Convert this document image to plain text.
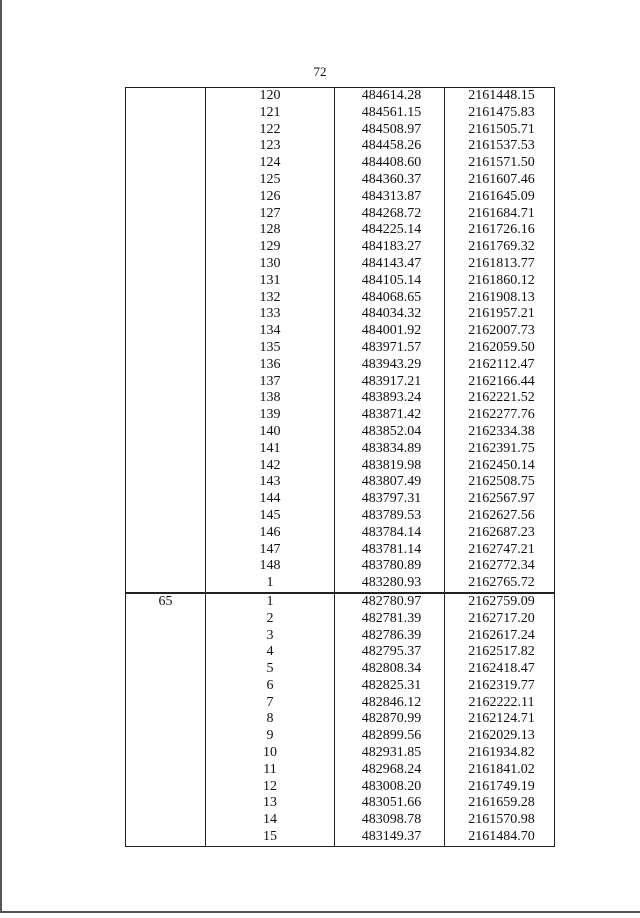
72
	120	484614.28	2161448.15
	121	484561.15	2161475.83
	122	484508.97	2161505.71
	123	484458.26	2161537.53
	124	484408.60	2161571.50
	125	484360.37	2161607.46
	126	484313.87	2161645.09
	127	484268.72	2161684.71
	128	484225.14	2161726.16
	129	484183.27	2161769.32
	130	484143.47	2161813.77
	131	484105.14	2161860.12
	132	484068.65	2161908.13
	133	484034.32	2161957.21
	134	484001.92	2162007.73
	135	483971.57	2162059.50
	136	483943.29	2162112.47
	137	483917.21	2162166.44
	138	483893.24	2162221.52
	139	483871.42	2162277.76
	140	483852.04	2162334.38
	141	483834.89	2162391.75
	142	483819.98	2162450.14
	143	483807.49	2162508.75
	144	483797.31	2162567.97
	145	483789.53	2162627.56
	146	483784.14	2162687.23
	147	483781.14	2162747.21
	148	483780.89	2162772.34
	1	483280.93	2162765.72
65	1	482780.97	2162759.09
	2	482781.39	2162717.20
	3	482786.39	2162617.24
	4	482795.37	2162517.82
	5	482808.34	2162418.47
	6	482825.31	2162319.77
	7	482846.12	2162222.11
	8	482870.99	2162124.71
	9	482899.56	2162029.13
	10	482931.85	2161934.82
	11	482968.24	2161841.02
	12	483008.20	2161749.19
	13	483051.66	2161659.28
	14	483098.78	2161570.98
	15	483149.37	2161484.70
